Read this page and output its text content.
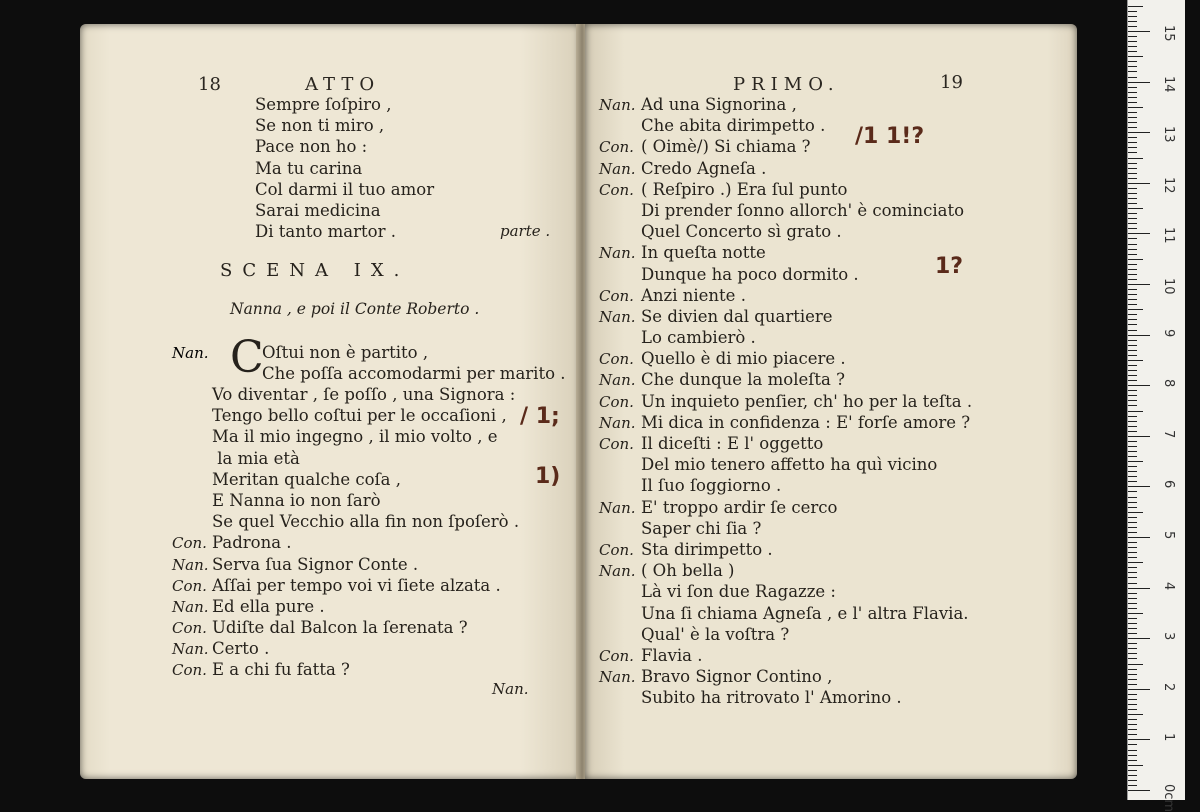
18	ATTO
Sempre ſoſpiro ,
Se non ti miro ,
Pace non ho :
Ma tu carina
Col darmi il tuo amor
Sarai medicina
Di tanto martor .	parte .
SCENA IX.
Nanna , e poi il Conte Roberto .
Nan. C
Oſtui non è partito ,
Che poſſa accomodarmi per marito .
Vo diventar , ſe poſſo , una Signora :
Tengo bello coſtui per le occaſioni ,
Ma il mio ingegno , il mio volto , e
la mia età
Meritan qualche coſa ,
E Nanna io non ſarò
Se quel Vecchio alla fin non ſpoſerò .
Con. Padrona .
Nan. Serva ſua Signor Conte .
Con. Aſſai per tempo voi vi ſiete alzata .
Nan. Ed ella pure .
Con. Udiſte dal Balcon la ſerenata ?
Nan. Certo .
Con. E a chi fu fatta ?
Nan.
/ 1;
1)
PRIMO.	19
Nan. Ad una Signorina ,
Che abita dirimpetto .
Con. ( Oimè/) Si chiama ?
Nan. Credo Agneſa .
Con. ( Reſpiro .) Era ſul punto
Di prender ſonno allorch' è cominciato
Quel Concerto sì grato .
Nan. In queſta notte
Dunque ha poco dormito .
Con. Anzi niente .
Nan. Se divien dal quartiere
Lo cambierò .
Con. Quello è di mio piacere .
Nan. Che dunque la moleſta ?
Con. Un inquieto penſier, ch' ho per la teſta .
Nan. Mi dica in confidenza : E' forſe amore ?
Con. Il diceſti : E l' oggetto
Del mio tenero affetto ha quì vicino
Il ſuo ſoggiorno .
Nan. E' troppo ardir ſe cerco
Saper chi ſia ?
Con. Sta dirimpetto .
Nan. ( Oh bella )
Là vi ſon due Ragazze :
Una ſi chiama Agneſa , e l' altra Flavia.
Qual' è la voſtra ?
Con. Flavia .
Nan. Bravo Signor Contino ,
Subito ha ritrovato l' Amorino .
/1 1!?
1?
0cm
1
2
3
4
5
6
7
8
9
10
11
12
13
14
15
